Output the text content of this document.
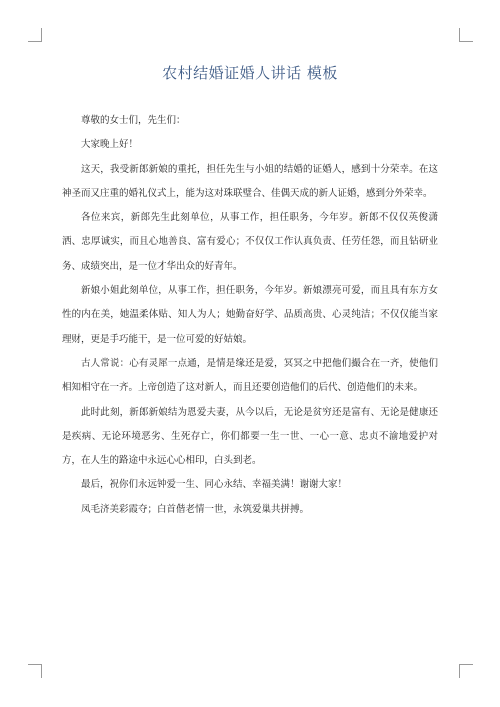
农村结婚证婚人讲话 模板

尊敬的女士们，先生们：

大家晚上好！

这天，我受新郎新娘的重托，担任先生与小姐的结婚的证婚人，感到十分荣幸。在这神圣而又庄重的婚礼仪式上，能为这对珠联璧合、佳偶天成的新人证婚，感到分外荣幸。

各位来宾，新郎先生此刻单位，从事工作，担任职务，今年岁。新郎不仅仅英俊潇洒、忠厚诚实，而且心地善良、富有爱心；不仅仅工作认真负责、任劳任怨，而且钻研业务、成绩突出，是一位才华出众的好青年。

新娘小姐此刻单位，从事工作，担任职务，今年岁。新娘漂亮可爱，而且具有东方女性的内在美，她温柔体贴、知人为人；她勤奋好学、品质高贵、心灵纯洁；不仅仅能当家理财，更是手巧能干，是一位可爱的好姑娘。

古人常说：心有灵犀一点通，是情是缘还是爱，冥冥之中把他们撮合在一齐，使他们相知相守在一齐。上帝创造了这对新人，而且还要创造他们的后代、创造他们的未来。

此时此刻，新郎新娘结为恩爱夫妻，从今以后，无论是贫穷还是富有、无论是健康还是疾病、无论环境恶劣、生死存亡，你们都要一生一世、一心一意、忠贞不渝地爱护对方，在人生的路途中永远心心相印，白头到老。

最后，祝你们永远钟爱一生、同心永结、幸福美满！谢谢大家！

凤毛济美彩霞夺；白首偕老情一世，永筑爱巢共拼搏。
